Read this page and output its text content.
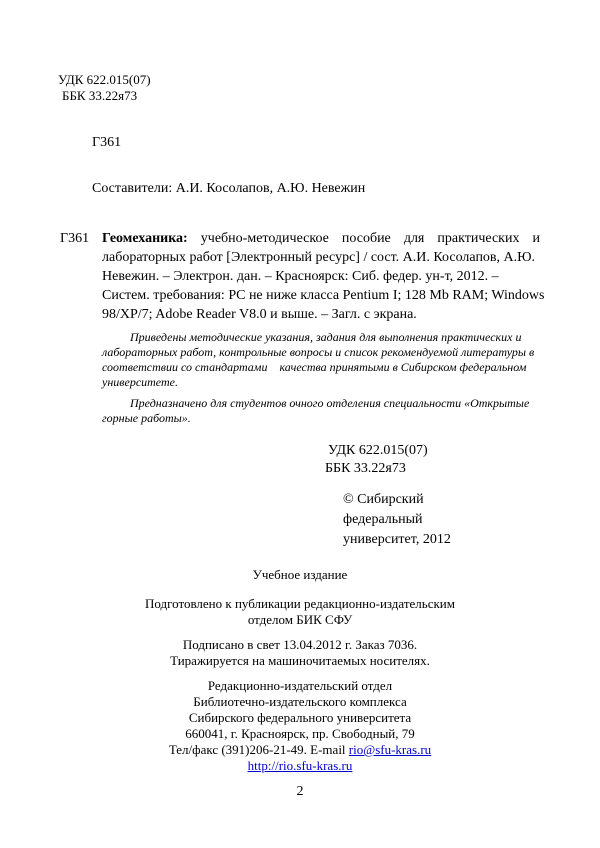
УДК 622.015(07)
ББК 33.22я73
Г361
Составители: А.И. Косолапов, А.Ю. Невежин
Г361 Геомеханика: учебно-методическое пособие для практических и
лабораторных работ [Электронный ресурс] / сост. А.И. Косолапов, А.Ю.
Невежин. – Электрон. дан. – Красноярск: Сиб. федер. ун-т, 2012. –
Систем. требования: PC не ниже класса Pentium I; 128 Mb RAM; Windows
98/XP/7; Adobe Reader V8.0 и выше. – Загл. с экрана.
Приведены методические указания, задания для выполнения практических и
лабораторных работ, контрольные вопросы и список рекомендуемой литературы в
соответствии со стандартами    качества принятыми в Сибирском федеральном
университете.
Предназначено для студентов очного отделения специальности «Открытые
горные работы».
УДК 622.015(07)
ББК 33.22я73
© Сибирский
федеральный
университет, 2012
Учебное издание
Подготовлено к публикации редакционно-издательским
отделом БИК СФУ
Подписано в свет 13.04.2012 г. Заказ 7036.
Тиражируется на машиночитаемых носителях.
Редакционно-издательский отдел
Библиотечно-издательского комплекса
Сибирского федерального университета
660041, г. Красноярск, пр. Свободный, 79
Тел/факс (391)206-21-49. E-mail rio@sfu-kras.ru
http://rio.sfu-kras.ru
2
